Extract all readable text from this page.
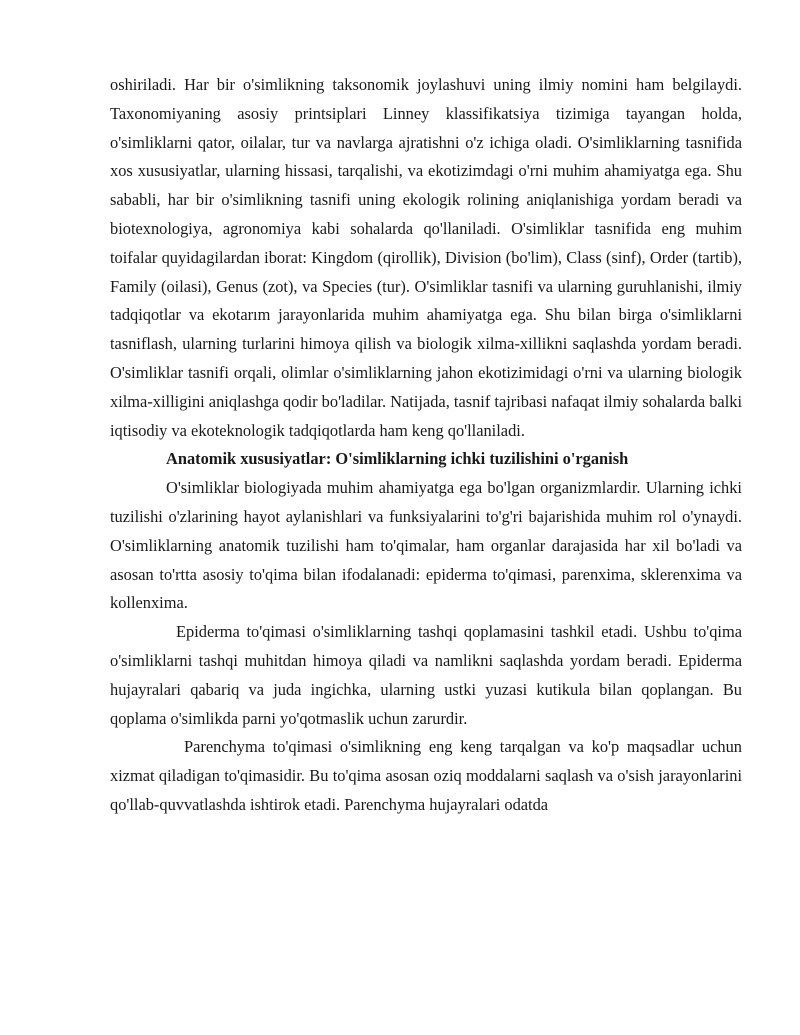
oshiriladi. Har bir o'simlikning taksonomik joylashuvi uning ilmiy nomini ham belgilaydi. Taxonomiyaning asosiy printsiplari Linney klassifikatsiya tizimiga tayangan holda, o'simliklarni qator, oilalar, tur va navlarga ajratishni o'z ichiga oladi. O'simliklarning tasnifida xos xususiyatlar, ularning hissasi, tarqalishi, va ekotizimdagi o'rni muhim ahamiyatga ega. Shu sababli, har bir o'simlikning tasnifi uning ekologik rolining aniqlanishiga yordam beradi va biotexnologiya, agronomiya kabi sohalarda qo'llaniladi. O'simliklar tasnifida eng muhim toifalar quyidagilardan iborat: Kingdom (qirollik), Division (bo'lim), Class (sinf), Order (tartib), Family (oilasi), Genus (zot), va Species (tur). O'simliklar tasnifi va ularning guruhlanishi, ilmiy tadqiqotlar va ekotarım jarayonlarida muhim ahamiyatga ega. Shu bilan birga o'simliklarni tasniflash, ularning turlarini himoya qilish va biologik xilma-xillikni saqlashda yordam beradi. O'simliklar tasnifi orqali, olimlar o'simliklarning jahon ekotizimidagi o'rni va ularning biologik xilma-xilligini aniqlashga qodir bo'ladilar. Natijada, tasnif tajribasi nafaqat ilmiy sohalarda balki iqtisodiy va ekoteknologik tadqiqotlarda ham keng qo'llaniladi.

Anatomik xususiyatlar: O'simliklarning ichki tuzilishini o'rganish

O'simliklar biologiyada muhim ahamiyatga ega bo'lgan organizmlardir. Ularning ichki tuzilishi o'zlarining hayot aylanishlari va funksiyalarini to'g'ri bajarishida muhim rol o'ynaydi. O'simliklarning anatomik tuzilishi ham to'qimalar, ham organlar darajasida har xil bo'ladi va asosan to'rtta asosiy to'qima bilan ifodalanadi: epiderma to'qimasi, parenxima, sklerenxima va kollenxima.

Epiderma to'qimasi o'simliklarning tashqi qoplamasini tashkil etadi. Ushbu to'qima o'simliklarni tashqi muhitdan himoya qiladi va namlikni saqlashda yordam beradi. Epiderma hujayralari qabariq va juda ingichka, ularning ustki yuzasi kutikula bilan qoplangan. Bu qoplama o'simlikda parni yo'qotmaslik uchun zarurdir.

Parenchyma to'qimasi o'simlikning eng keng tarqalgan va ko'p maqsadlar uchun xizmat qiladigan to'qimasidir. Bu to'qima asosan oziq moddalarni saqlash va o'sish jarayonlarini qo'llab-quvvatlashda ishtirok etadi. Parenchyma hujayralari odatda
